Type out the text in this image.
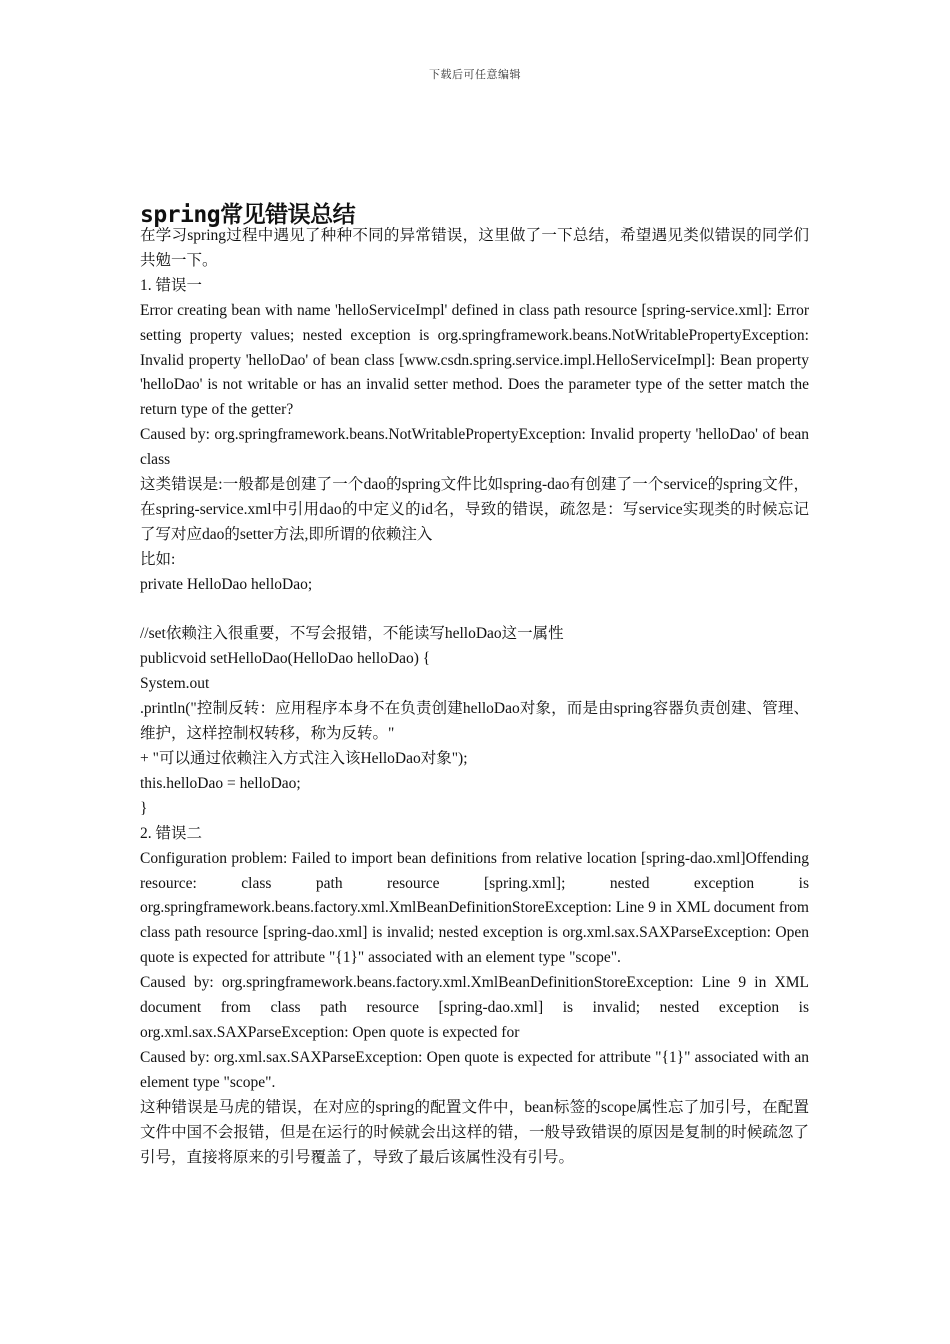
下载后可任意编辑
spring常见错误总结

在学习spring过程中遇见了种种不同的异常错误，这里做了一下总结，希望遇见类似错误的同学们共勉一下。

1. 错误一

Error creating bean with name 'helloServiceImpl' defined in class path resource [spring-service.xml]: Error setting property values; nested exception is org.springframework.beans.NotWritablePropertyException: Invalid property 'helloDao' of bean class [www.csdn.spring.service.impl.HelloServiceImpl]: Bean property 'helloDao' is not writable or has an invalid setter method. Does the parameter type of the setter match the return type of the getter?

Caused by: org.springframework.beans.NotWritablePropertyException: Invalid property 'helloDao' of bean class

这类错误是:一般都是创建了一个dao的spring文件比如spring-dao有创建了一个service的spring文件，在spring-service.xml中引用dao的中定义的id名，导致的错误，疏忽是：写service实现类的时候忘记了写对应dao的setter方法,即所谓的依赖注入

比如:

private HelloDao helloDao;

//set依赖注入很重要，不写会报错，不能读写helloDao这一属性

publicvoid setHelloDao(HelloDao helloDao) {

System.out

.println("控制反转：应用程序本身不在负责创建helloDao对象，而是由spring容器负责创建、管理、维护，这样控制权转移，称为反转。"

+ "可以通过依赖注入方式注入该HelloDao对象");

this.helloDao = helloDao;

}

2. 错误二

Configuration problem: Failed to import bean definitions from relative location [spring-dao.xml]Offending resource: class path resource [spring.xml]; nested exception is org.springframework.beans.factory.xml.XmlBeanDefinitionStoreException: Line 9 in XML document from class path resource [spring-dao.xml] is invalid; nested exception is org.xml.sax.SAXParseException: Open quote is expected for attribute "{1}" associated with an element type "scope".

Caused by: org.springframework.beans.factory.xml.XmlBeanDefinitionStoreException: Line 9 in XML document from class path resource [spring-dao.xml] is invalid; nested exception is org.xml.sax.SAXParseException: Open quote is expected for

Caused by: org.xml.sax.SAXParseException: Open quote is expected for attribute "{1}" associated with an element type "scope".

这种错误是马虎的错误，在对应的spring的配置文件中，bean标签的scope属性忘了加引号，在配置文件中国不会报错，但是在运行的时候就会出这样的错，一般导致错误的原因是复制的时候疏忽了引号，直接将原来的引号覆盖了，导致了最后该属性没有引号。
